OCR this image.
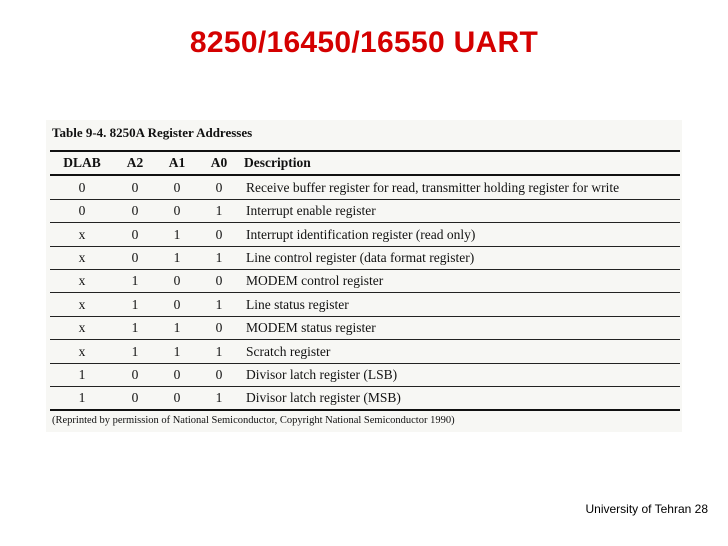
8250/16450/16550 UART
Table 9-4. 8250A Register Addresses
DLAB	A2	A1	A0	Description
0	0	0	0	Receive buffer register for read, transmitter holding register for write
0	0	0	1	Interrupt enable register
x	0	1	0	Interrupt identification register (read only)
x	0	1	1	Line control register (data format register)
x	1	0	0	MODEM control register
x	1	0	1	Line status register
x	1	1	0	MODEM status register
x	1	1	1	Scratch register
1	0	0	0	Divisor latch register (LSB)
1	0	0	1	Divisor latch register (MSB)
(Reprinted by permission of National Semiconductor, Copyright National Semiconductor 1990)
University of Tehran 28
